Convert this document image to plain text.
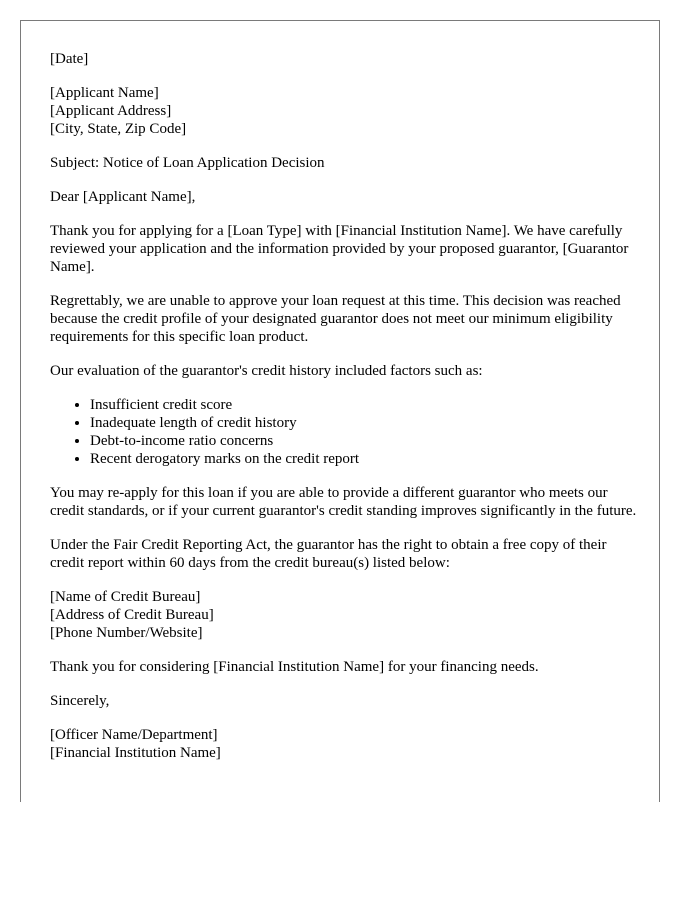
[Date]

[Applicant Name]
[Applicant Address]
[City, State, Zip Code]

Subject: Notice of Loan Application Decision

Dear [Applicant Name],

Thank you for applying for a [Loan Type] with [Financial Institution Name]. We have carefully reviewed your application and the information provided by your proposed guarantor, [Guarantor Name].

Regrettably, we are unable to approve your loan request at this time. This decision was reached because the credit profile of your designated guarantor does not meet our minimum eligibility requirements for this specific loan product.

Our evaluation of the guarantor's credit history included factors such as:

• Insufficient credit score
• Inadequate length of credit history
• Debt-to-income ratio concerns
• Recent derogatory marks on the credit report

You may re-apply for this loan if you are able to provide a different guarantor who meets our credit standards, or if your current guarantor's credit standing improves significantly in the future.

Under the Fair Credit Reporting Act, the guarantor has the right to obtain a free copy of their credit report within 60 days from the credit bureau(s) listed below:

[Name of Credit Bureau]
[Address of Credit Bureau]
[Phone Number/Website]

Thank you for considering [Financial Institution Name] for your financing needs.

Sincerely,

[Officer Name/Department]
[Financial Institution Name]
